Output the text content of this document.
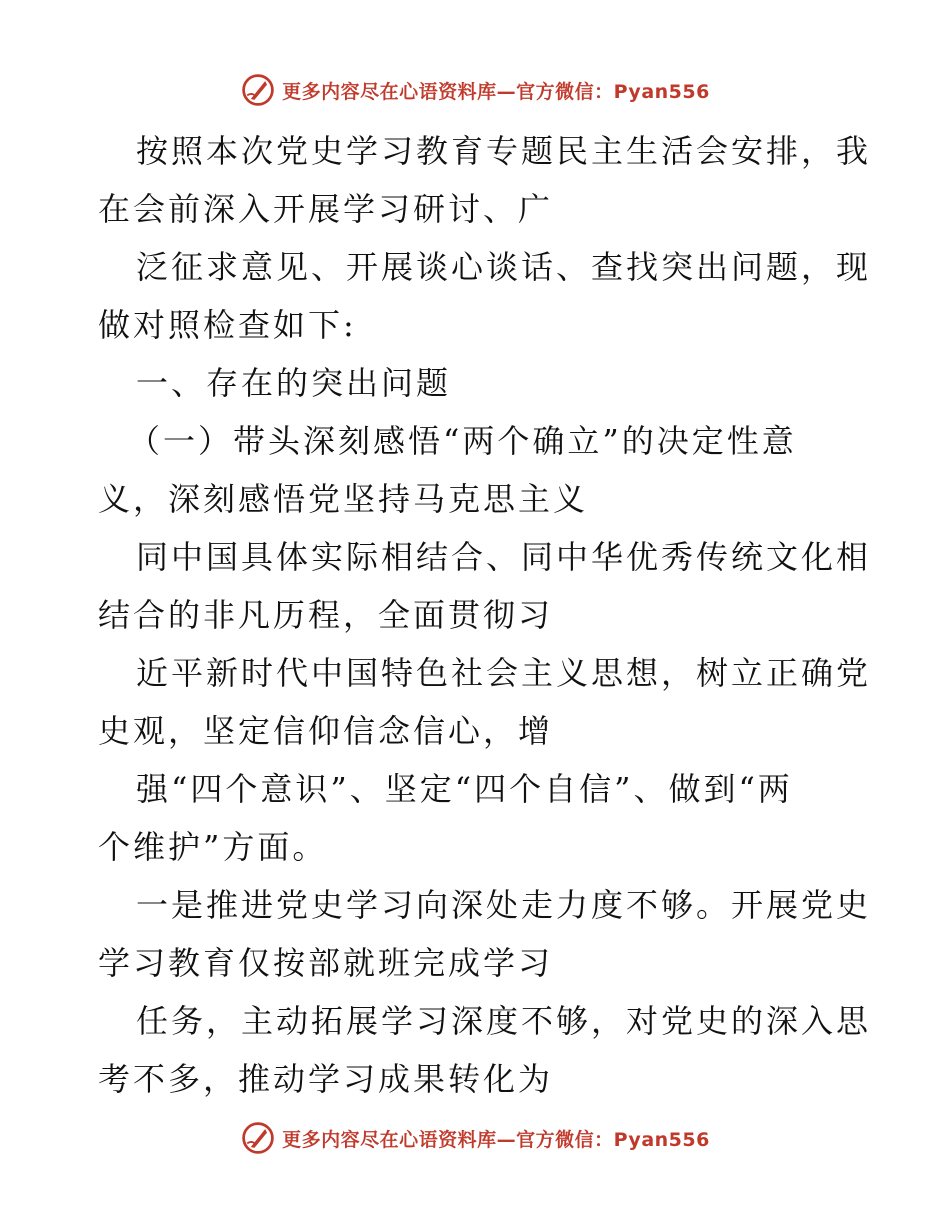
更多内容尽在心语资料库—官方微信：Pyan556
按照本次党史学习教育专题民主生活会安排，我
在会前深入开展学习研讨、广
泛征求意见、开展谈心谈话、查找突出问题，现
做对照检查如下:
一、存在的突出问题
（一）带头深刻感悟“两个确立”的决定性意
义，深刻感悟党坚持马克思主义
同中国具体实际相结合、同中华优秀传统文化相
结合的非凡历程，全面贯彻习
近平新时代中国特色社会主义思想，树立正确党
史观，坚定信仰信念信心，增
强“四个意识”、坚定“四个自信”、做到“两
个维护”方面。
一是推进党史学习向深处走力度不够。开展党史
学习教育仅按部就班完成学习
任务，主动拓展学习深度不够，对党史的深入思
考不多，推动学习成果转化为
更多内容尽在心语资料库—官方微信：Pyan556
